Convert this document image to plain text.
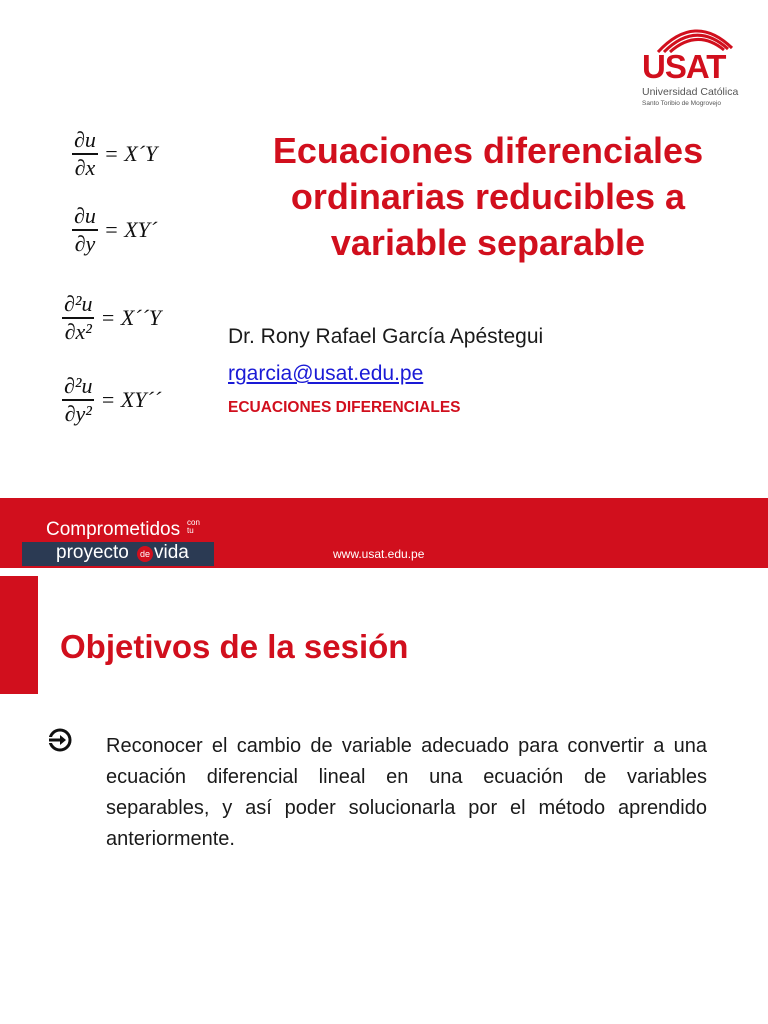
USAT
Universidad Católica
Santo Toribio de Mogrovejo
$\frac{\partial u}{\partial x}$ = X´Y
$\frac{\partial u}{\partial y}$ = XY´
$\frac{\text{∂²u}}{\text{∂x²}}$ = X´´Y
$\frac{\text{∂²u}}{\text{∂y²}}$ = XY´´
Ecuaciones diferenciales
ordinarias reducibles a
variable separable
Dr. Rony Rafael García Apéstegui
rgarcia@usat.edu.pe
ECUACIONES DIFERENCIALES
Comprometidos con
tu
proyecto	de vida	www.usat.edu.pe
Objetivos de la sesión
Reconocer el cambio de variable adecuado para convertir a una ecuación diferencial lineal en una ecuación de variables separables, y así poder solucionarla por el método aprendido anteriormente.
